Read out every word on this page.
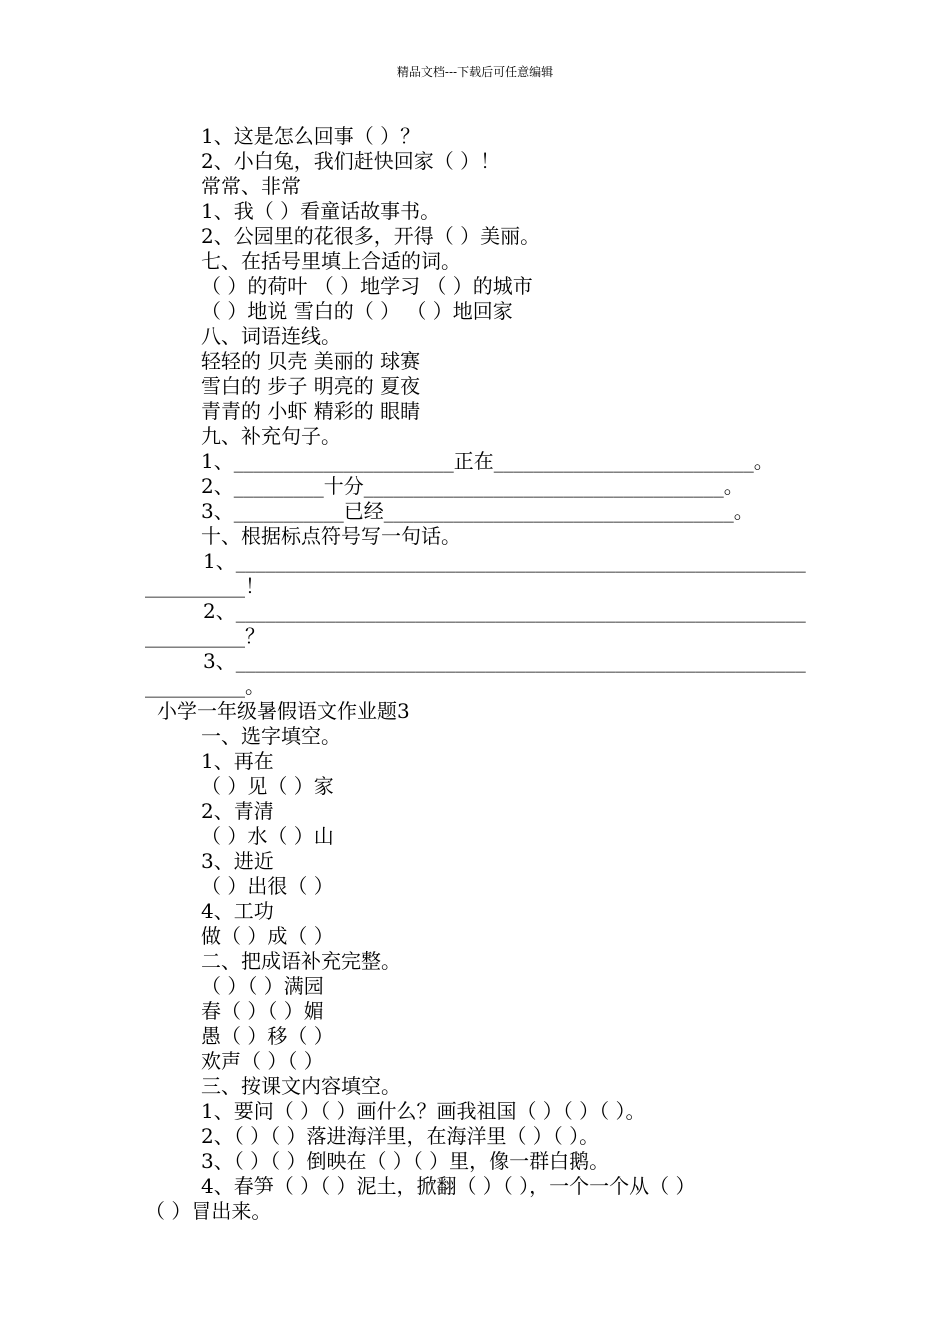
精品文档---下载后可任意编辑
1、这是怎么回事（ ）？
2、小白兔，我们赶快回家（ ）！
常常、非常
1、我（ ）看童话故事书。
2、公园里的花很多，开得（ ）美丽。
七、在括号里填上合适的词。
（ ）的荷叶 （ ）地学习 （ ）的城市
（ ）地说 雪白的（ ） （ ）地回家
八、词语连线。
轻轻的 贝壳 美丽的 球赛
雪白的 步子 明亮的 夏夜
青青的 小虾 精彩的 眼睛
九、补充句子。
1、______________________正在__________________________。
2、_________十分____________________________________。
3、___________已经___________________________________。
十、根据标点符号写一句话。
1、_________________________________________________________
__________！
2、_________________________________________________________
__________？
3、_________________________________________________________
__________。
小学一年级暑假语文作业题3
一、选字填空。
1、再在
（ ）见（ ）家
2、青清
（ ）水（ ）山
3、进近
（ ）出很（ ）
4、工功
做（ ）成（ ）
二、把成语补充完整。
（ ）（ ）满园
春（ ）（ ）媚
愚（ ）移（ ）
欢声（ ）（ ）
三、按课文内容填空。
1、要问（ ）（ ）画什么？画我祖国（ ）（ ）（ ）。
2、（ ）（ ）落进海洋里，在海洋里（ ）（ ）。
3、（ ）（ ）倒映在（ ）（ ）里，像一群白鹅。
4、春笋（ ）（ ）泥土，掀翻（ ）（ ），一个一个从（ ）
（ ）冒出来。
